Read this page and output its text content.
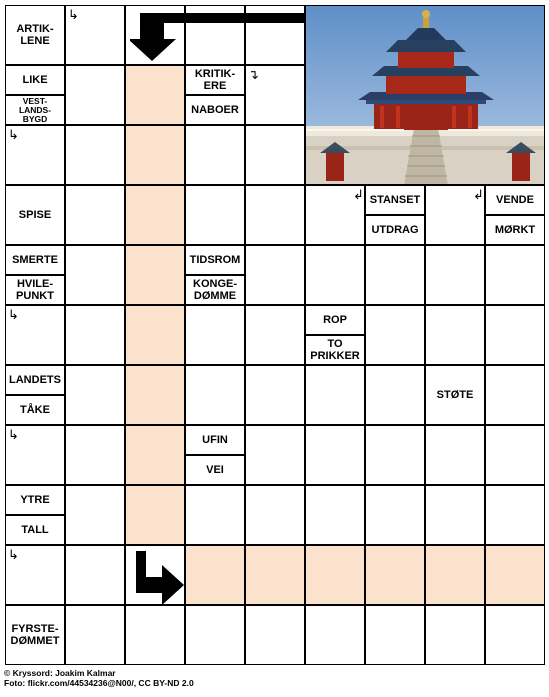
ARTIK-
LENE
LIKE
VEST-
LANDS-
BYGD
KRITIK-
ERE
NABOER
SPISE
STANSET
UTDRAG
VENDE
MØRKT
SMERTE
HVILE-
PUNKT
TIDSROM
KONGE-
DØMME
ROP
TO
PRIKKER
LANDETS
TÅKE
STØTE
UFIN
VEI
YTRE
TALL
FYRSTE-
DØMMET
↳
↴
↳
↳
↳
↳
↲	↲
© Kryssord: Joakim Kalmar
Foto: flickr.com/44534236@N00/, CC BY-ND 2.0
